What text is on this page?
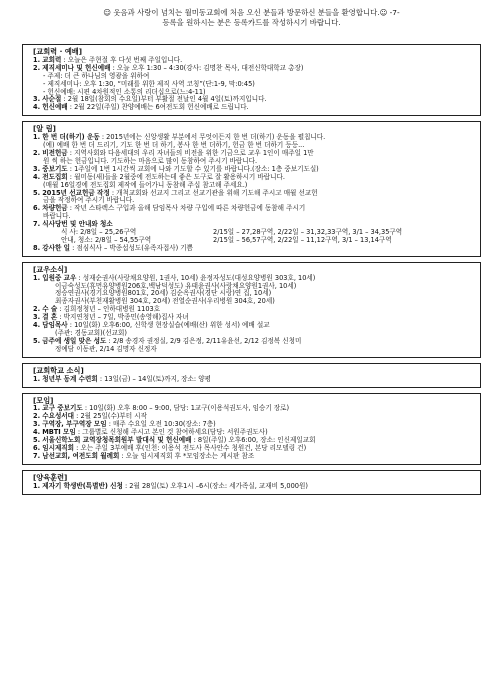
☺ 웃음과 사랑이 넘치는 월미동교회에 처음 오신 분들과 방문하신 분들을 환영합니다.☺ -7-
등록을 원하시는 분은 등록카드를 작성하시기 바랍니다.
[교회력 · 예배]
1. 교회력 : 오늘은 주현절 후 다섯 번째 주일입니다.
2. 제직세미나 및 헌신예배 : 오늘 오후 1:30 – 4:30(강사: 김명찬 목사, 대전신학대학교 총장)
- 주제: 더 큰 하나님의 영광을 위하여
- 제직세미나: 오후 1:30, “미래를 위한 제직 사역 코칭”(단:1-9, 막:0:45)
- 헌신예배: 시편 4차원적인 소통의 리더십으로(느:4-11)
3. 사순절 : 2월 18일(참회의 수요일)부터 부활절 전날인 4월 4일(토)까지입니다.
4. 헌신예배 : 2월 22일(주일) 찬양예배는 6여전도회 헌신예배로 드립니다.
[알 림]
1. 한 번 더(하기) 운동 : 2015년에는 신앙생활 부분에서 무엇이든지 한 번 더(하기) 운동을 펼칩니다.
(예) 예배 한 번 더 드리기, 기도 한 번 더 하기, 봉사 한 번 더하기, 헌금 한 번 더하기 등등...
2. 비전헌금 : 지역사회와 다음세대의 우리 자녀들의 비전을 위한 기금으로 교우 1인이 매주일 1만
원 씩 하는 헌금입니다. 기도하는 마음으로 많이 동참하여 주시기 바랍니다.
3. 중보기도 : 1주일에 1번 1시간씩 교회에 나와 기도할 수 있기를 바랍니다.(장소: 1층 중보기도실)
4. 전도집회 : 월미동(새)들을 2월중에 전도하는데 좋은 도구로 잘 활용하시기 바랍니다.
(매월 16일경에 전도집회 제작에 들어가니 동참해 주십 참고해 주세요.)
5. 2015년 선교헌금 작정 : 개척교회와 선교지 그리고 선교기관을 위해 기도해 주시고 매월 선교헌
금을 작정하여 주시기 바랍니다.
6. 차량헌금 : 작년 스타렉스 구입과 올해 담임목사 차량 구입에 따른 차량헌금에 동참해 주시기
바랍니다.
7. 식사당번 및 안내와 청소
식 사: 2/8일 – 25,26구역	2/15일 – 27,28구역, 2/22일 – 31,32,33구역, 3/1 – 34,35구역
안내, 청소: 2/8일 – 54,55구역	2/15일 – 56,57구역, 2/22일 – 11,12구역, 3/1 – 13,14구역
8. 강사한 일 : 점심식사 – 박종섭성도(유족자접사) 기쁨
[교우소식]
1. 입원중 교우 : 성재순권사(사랑채요양원, 1권사, 10세) 윤정자성도(대성요양병원 303호, 10세)
이금숙성도(휴먼유양병원206호,백남덕성도) 유태윤권사(사랑채요양원1권사, 10세)
정승연권사(경기요양병원801호, 20세) 김순옥권사(경단 시랑)연 집, 10세)
최종자권사(부천재활병원 304호, 20세) 전열순권사(우리병원 304호, 20세)
2. 수 술 : 김희정청년 – 인하대병원 1103호
3. 결 혼 : 박지연청년 – 7일, 박종민(송영해)집사 자녀
4. 담임목사 : 10일(화) 오후6:00, 신학생 현장실습(예배(산) 위한 성서) 예배 설교
(주관: 경동교회)(선교회)
5. 금주에 생일 맞은 성도 : 2/8 송경자 권정실, 2/9 김은정, 2/11유윤선, 2/12 김정복 신청미
정예담 이동관, 2/14 김명자 신정자
[교회학교 소식]
1. 청년부 동계 수련회 : 13일(금) – 14일(토)까지, 장소: 양평
[모임]
1. 교구 중보기도 : 10일(화) 오후 8:00 – 9:00, 담당: 1교구(이용석권도사, 임승기 장로)
2. 수요성서대 : 2월 25일(수)부터 시작
3. 구역장, 부구역장 모임 : 매주 수요일 오전 10:30(장소: 7층)
4. MBTI 모임 : 그룹별로 신청해 주시고 본인 것 참여하세요(담당: 서원주권도사)
5. 서울신학노회 교역장청목회원부 발대식 및 헌신예배 : 8일(주일) 오후6:00, 장소: 인신제일교회
6. 임시제직회 : 오는 주일 3부예배 후(인천: 이용석 전도사 목사안수 청원건, 본당 리모델링 건)
7. 남선교회, 여전도회 월례회 : 오늘 임시제직회 후 *모임장소는 게시판 참조
[양육훈련]
1. 제자기 학생반(특별반) 신청 : 2월 28일(토) 오후1시 –6시(장소: 세가족실, 교재비 5,000원)
